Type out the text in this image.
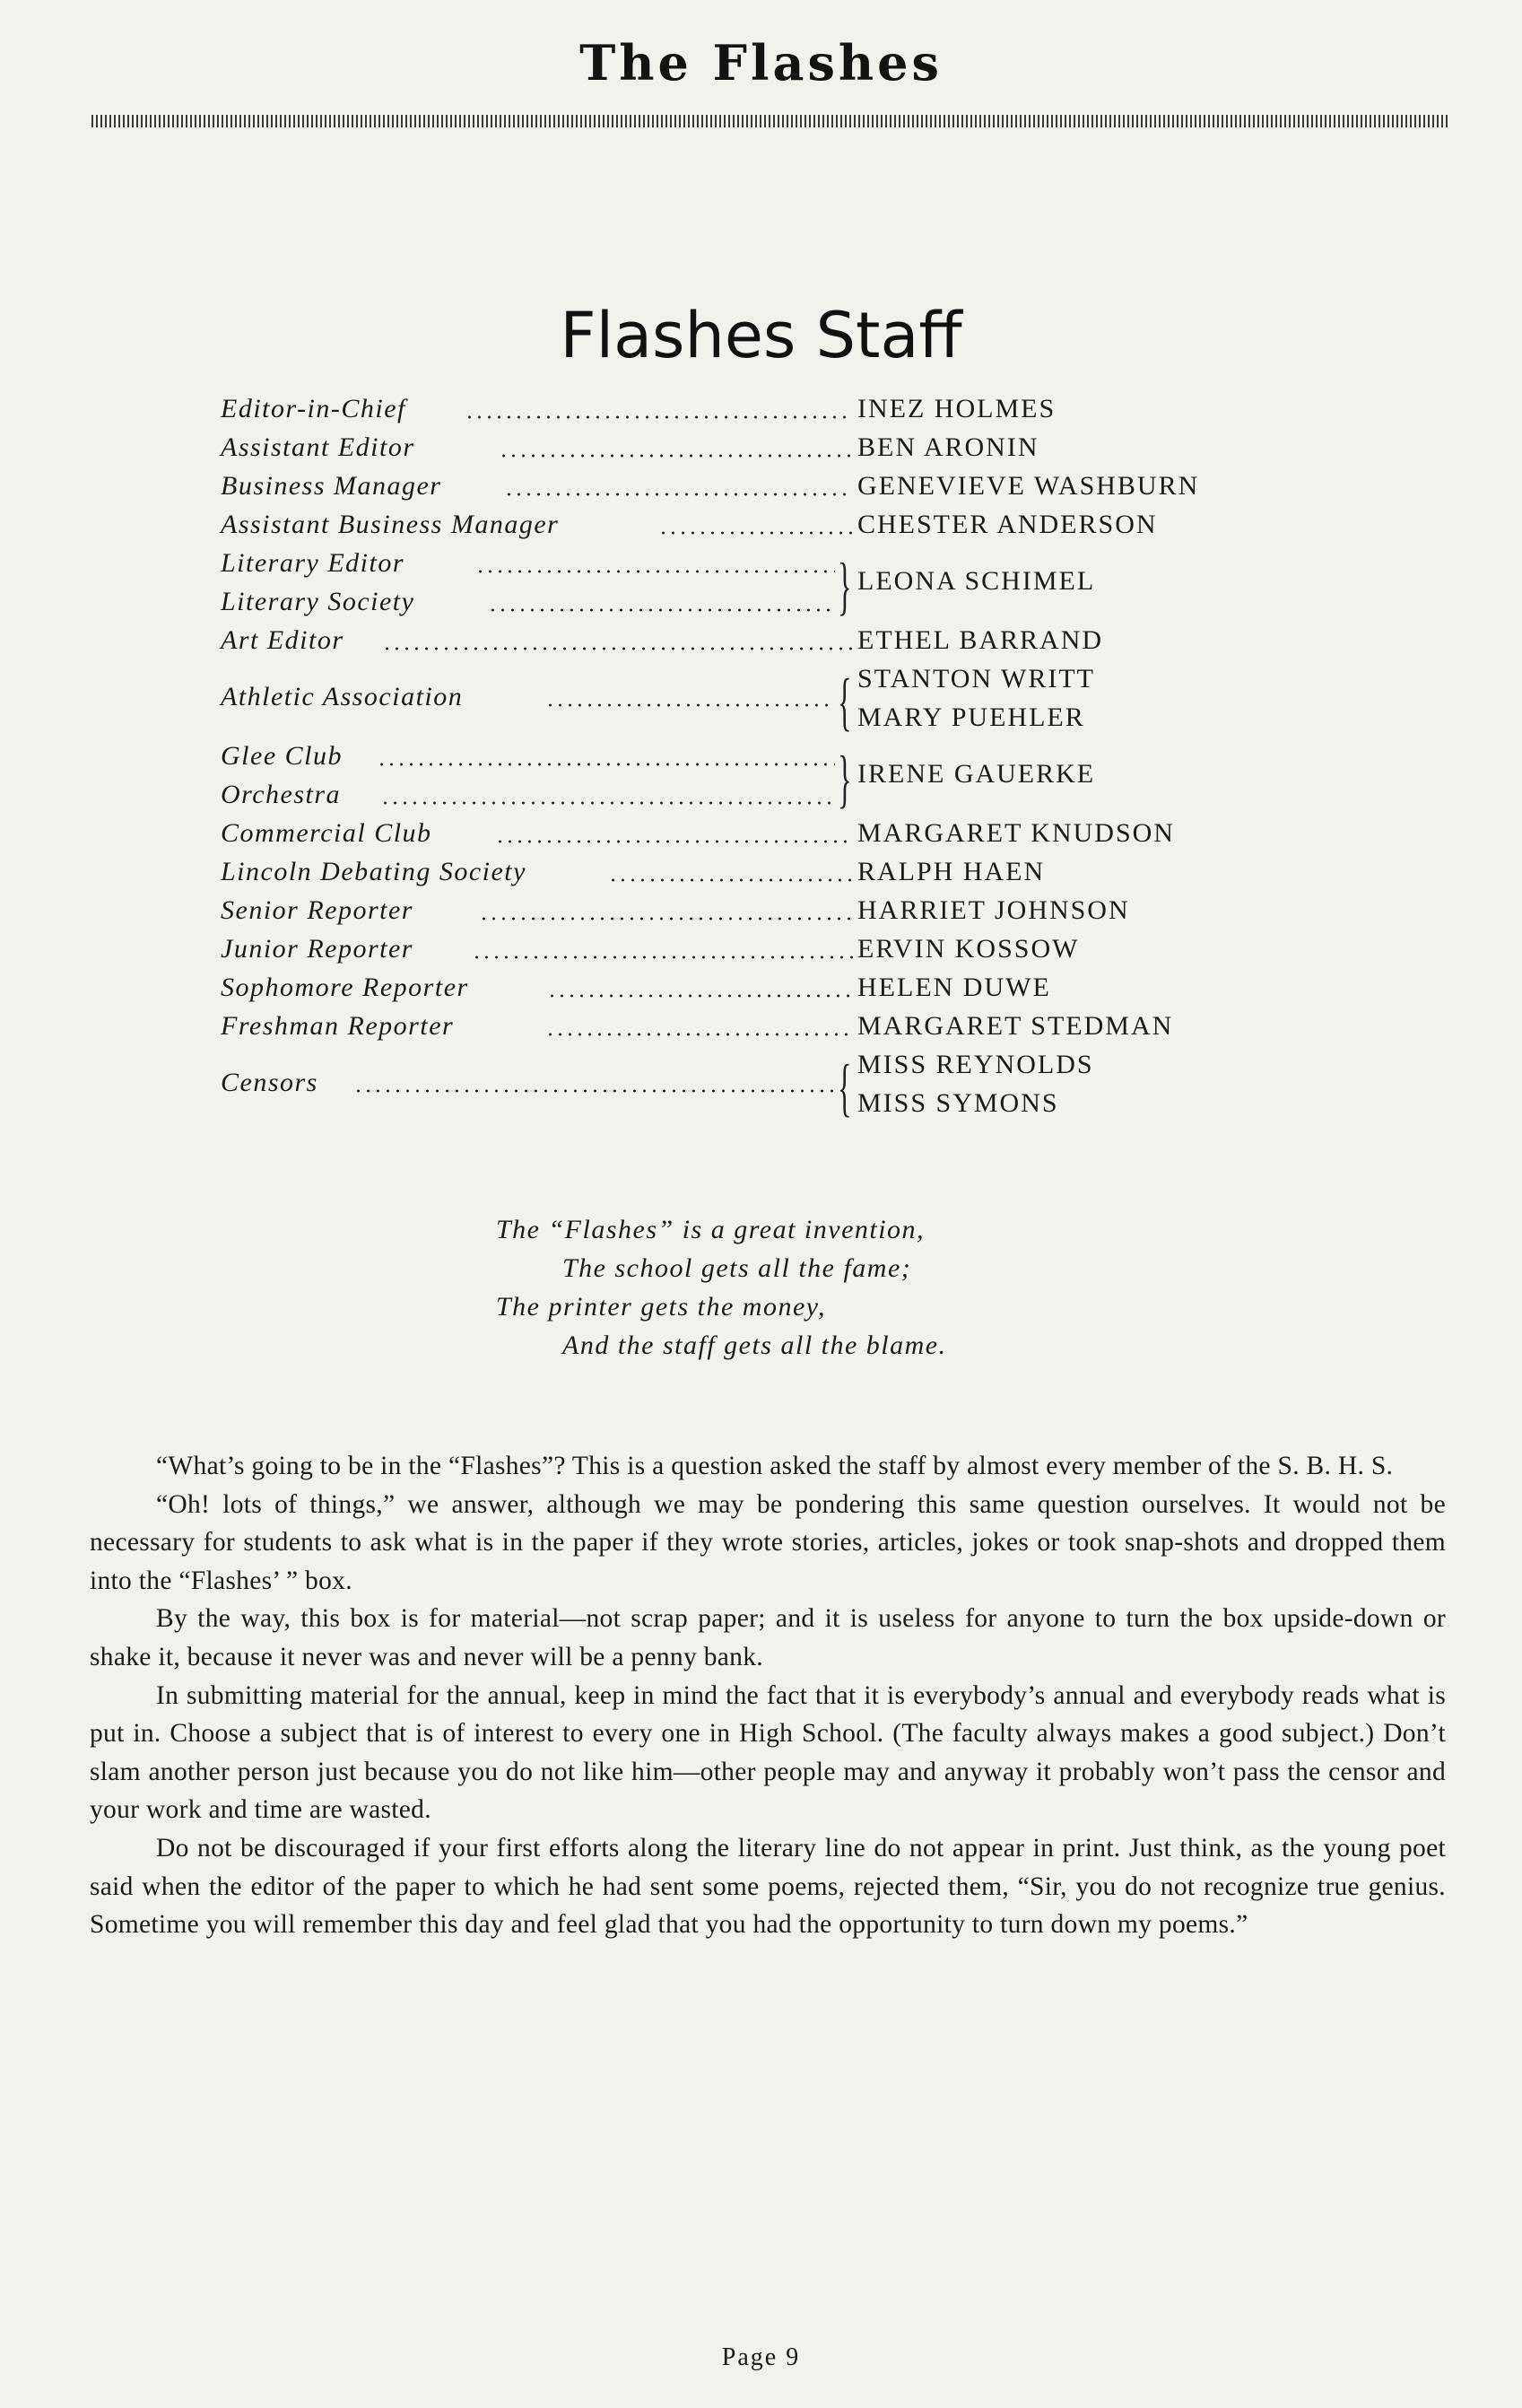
The Flashes
Flashes Staff
Editor-in-Chief	INEZ HOLMES
Assistant Editor	BEN ARONIN
Business Manager	GENEVIEVE WASHBURN
Assistant Business Manager	CHESTER ANDERSON
Literary Editor
Literary Society	} LEONA SCHIMEL
Art Editor	ETHEL BARRAND
Athletic Association	{ STANTON WRITT
MARY PUEHLER
Glee Club
Orchestra	} IRENE GAUERKE
Commercial Club	MARGARET KNUDSON
Lincoln Debating Society	RALPH HAEN
Senior Reporter	HARRIET JOHNSON
Junior Reporter	ERVIN KOSSOW
Sophomore Reporter	HELEN DUWE
Freshman Reporter	MARGARET STEDMAN
Censors	{ MISS REYNOLDS
MISS SYMONS
The “Flashes” is a great invention,
The school gets all the fame;
The printer gets the money,
And the staff gets all the blame.

“What’s going to be in the “Flashes”? This is a question asked the staff by almost every member of the S. B. H. S.

“Oh! lots of things,” we answer, although we may be pondering this same question ourselves. It would not be necessary for students to ask what is in the paper if they wrote stories, articles, jokes or took snap-shots and dropped them into the “Flashes’ ” box.

By the way, this box is for material—not scrap paper; and it is useless for anyone to turn the box upside-down or shake it, because it never was and never will be a penny bank.

In submitting material for the annual, keep in mind the fact that it is everybody’s annual and everybody reads what is put in. Choose a subject that is of interest to every one in High School. (The faculty always makes a good subject.) Don’t slam another person just because you do not like him—other people may and anyway it probably won’t pass the censor and your work and time are wasted.

Do not be discouraged if your first efforts along the literary line do not appear in print. Just think, as the young poet said when the editor of the paper to which he had sent some poems, rejected them, “Sir, you do not recognize true genius. Sometime you will remember this day and feel glad that you had the opportunity to turn down my poems.”

Page 9
